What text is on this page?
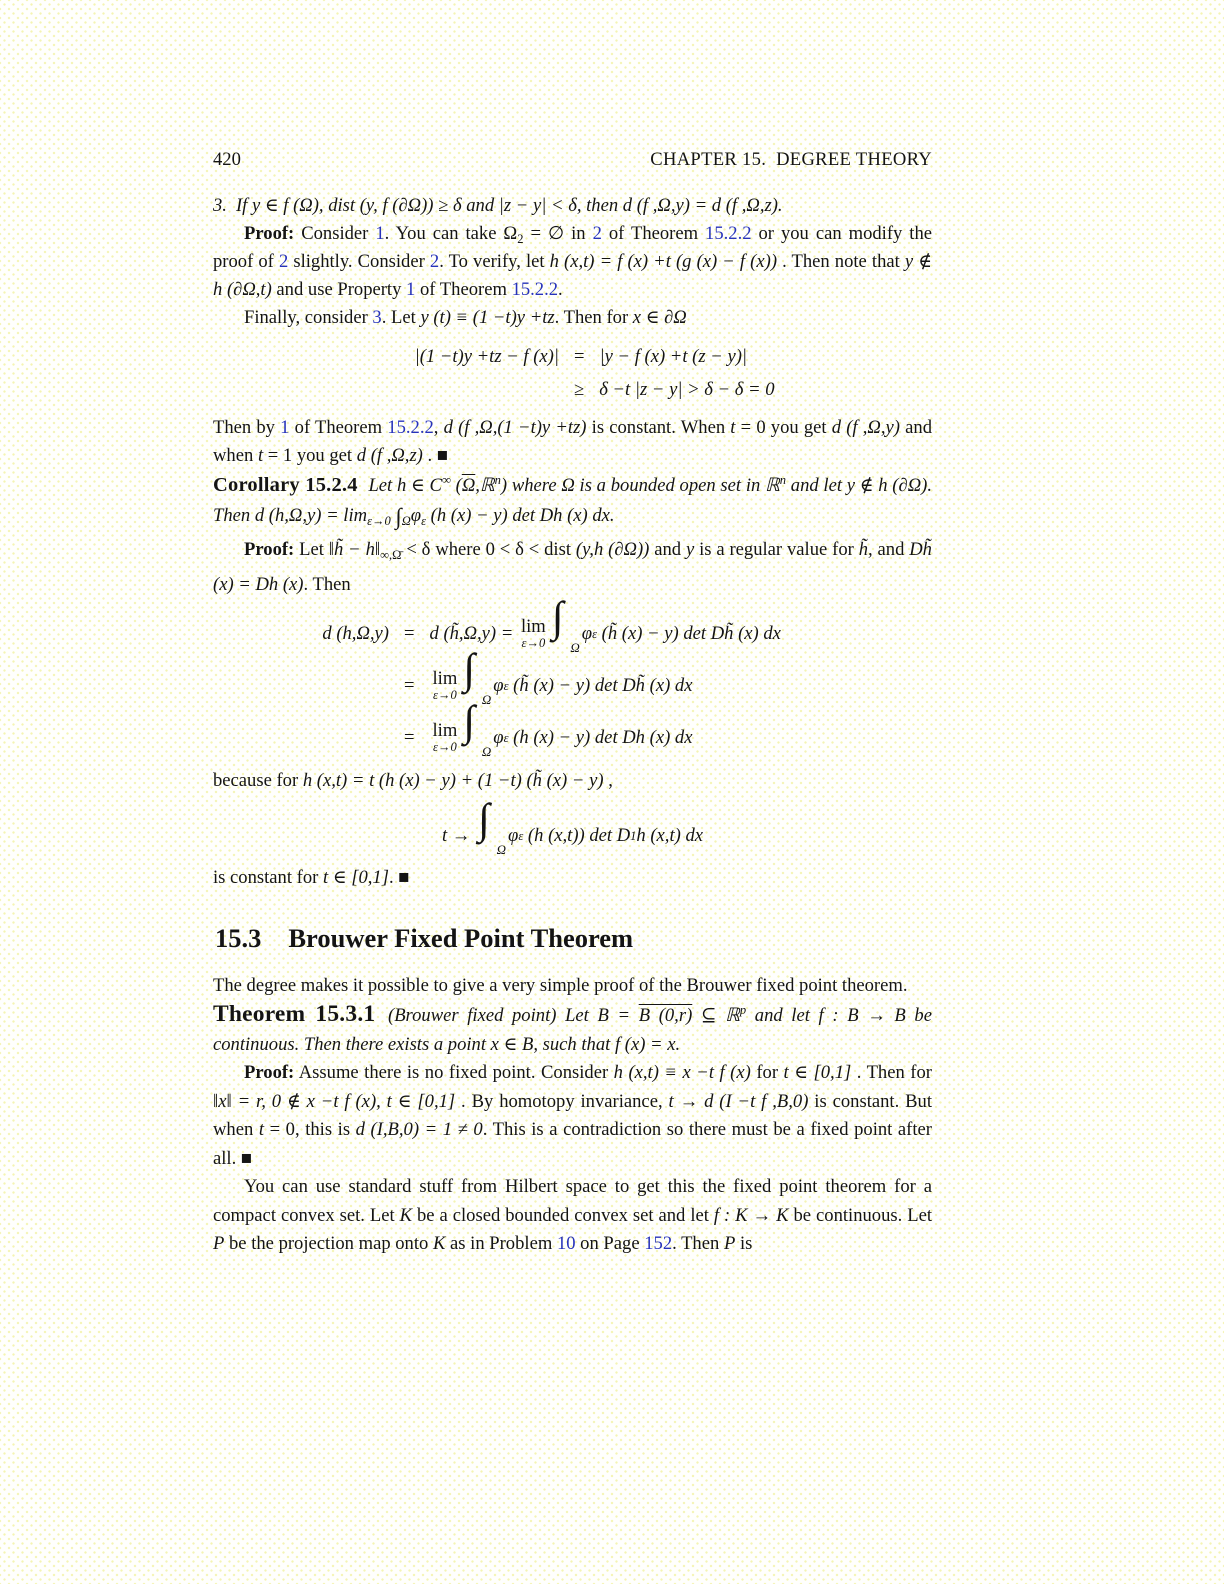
420	CHAPTER 15.  DEGREE THEORY

3. If y ∈ f (Ω), dist (y, f (∂Ω)) ≥ δ and |z − y| < δ, then d (f ,Ω,y) = d (f ,Ω,z).

Proof: Consider 1. You can take $\Omega_2$ = ∅ in 2 of Theorem 15.2.2 or you can modify the proof of 2 slightly. Consider 2. To verify, let h (x,t) = f (x) +t (g (x) − f (x)) . Then note that y ∉ h (∂Ω,t) and use Property 1 of Theorem 15.2.2.

Finally, consider 3. Let y (t) ≡ (1 −t)y +tz. Then for x ∈ ∂Ω

|(1 −t)y +tz − f (x)| = |y − f (x) +t (z − y)|
≥ δ −t |z − y| > δ − δ = 0

Then by 1 of Theorem 15.2.2, d (f ,Ω,(1 −t)y +tz) is constant. When t = 0 you get d (f ,Ω,y) and when t = 1 you get d (f ,Ω,z) . ■

Corollary 15.2.4 Let h ∈ C∞ $(\overline{\Omega},ℝ^n)$ where Ω is a bounded open set in ℝ$^n$ and let y ∉ h (∂Ω). Then d $(h,\Omega,y) = \lim_{\varepsilon\to 0} \int_\Omega\varphi_\varepsilon$ (h (x) − y) det Dh (x) dx.

Proof: Let ‖h̃ − $h‖_{\infty,\Omegā} < \delta$ where 0 < δ < dist (y,h (∂Ω)) and y is a regular value for h̃, and Dh̃ (x) = Dh (x). Then

d (h,Ω,y) = d (h̃,Ω,y) = lim
ε→0
∫
Ω
φ ε (h̃ (x) − y) det Dh̃ (x) dx
= lim
ε→0
∫
Ω
φ ε (h̃ (x) − y) det Dh̃ (x) dx
= lim
ε→0
∫
Ω
φ ε (h (x) − y) det Dh (x) dx

because for h (x,t) = t (h (x) − y) + (1 −t) (h̃ (x) − y) ,

t → ∫
Ω
φ ε (h (x,t)) det D 1 h (x,t) dx

is constant for t ∈ [0,1]. ■

15.3 Brouwer Fixed Point Theorem

The degree makes it possible to give a very simple proof of the Brouwer fixed point theorem.

Theorem 15.3.1 (Brouwer fixed point) Let B = B (0,r) ⊆ ℝ$^p$ and let f : B → B be continuous. Then there exists a point x ∈ B, such that f (x) = x.

Proof: Assume there is no fixed point. Consider h (x,t) ≡ x −t f (x) for t ∈ [0,1] . Then for ‖x‖ = r, 0 ∉ x −t f (x), t ∈ [0,1] . By homotopy invariance, t → d (I −t f ,B,0) is constant. But when t = 0, this is d (I,B,0) = 1 ≠ 0. This is a contradiction so there must be a fixed point after all. ■

You can use standard stuff from Hilbert space to get this the fixed point theorem for a compact convex set. Let K be a closed bounded convex set and let f : K → K be continuous. Let P be the projection map onto K as in Problem 10 on Page 152. Then P is
